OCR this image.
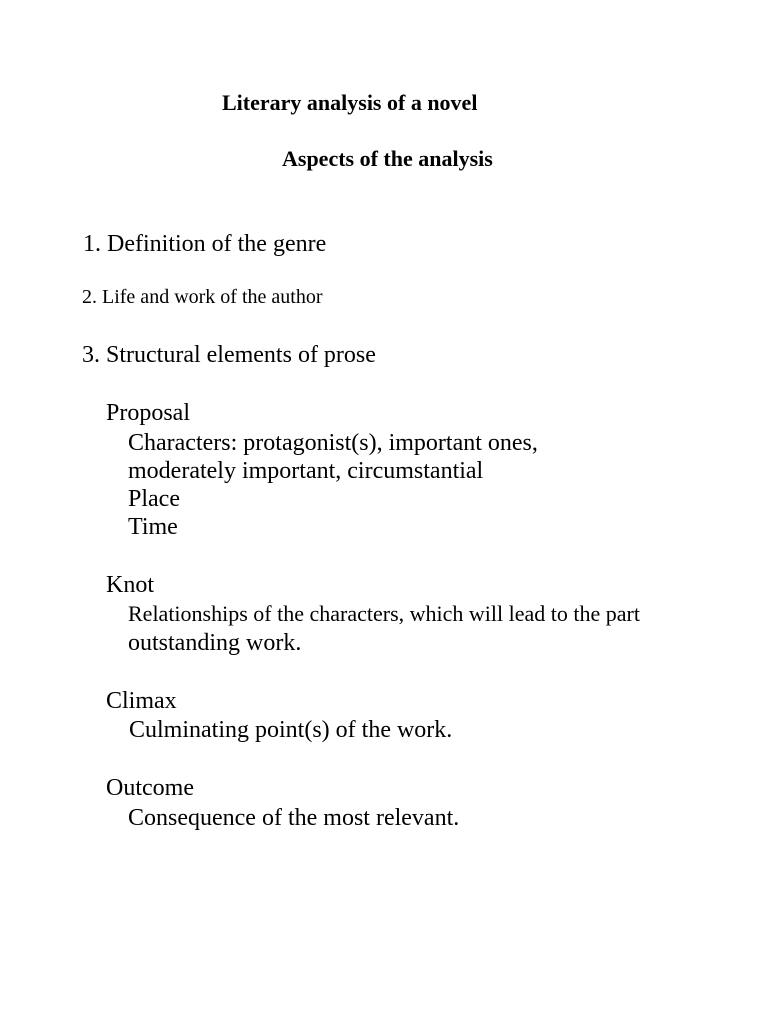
Literary analysis of a novel
Aspects of the analysis
1. Definition of the genre
2. Life and work of the author
3. Structural elements of prose
Proposal
Characters: protagonist(s), important ones,
moderately important, circumstantial
Place
Time
Knot
Relationships of the characters, which will lead to the part
outstanding work.
Climax
Culminating point(s) of the work.
Outcome
Consequence of the most relevant.
